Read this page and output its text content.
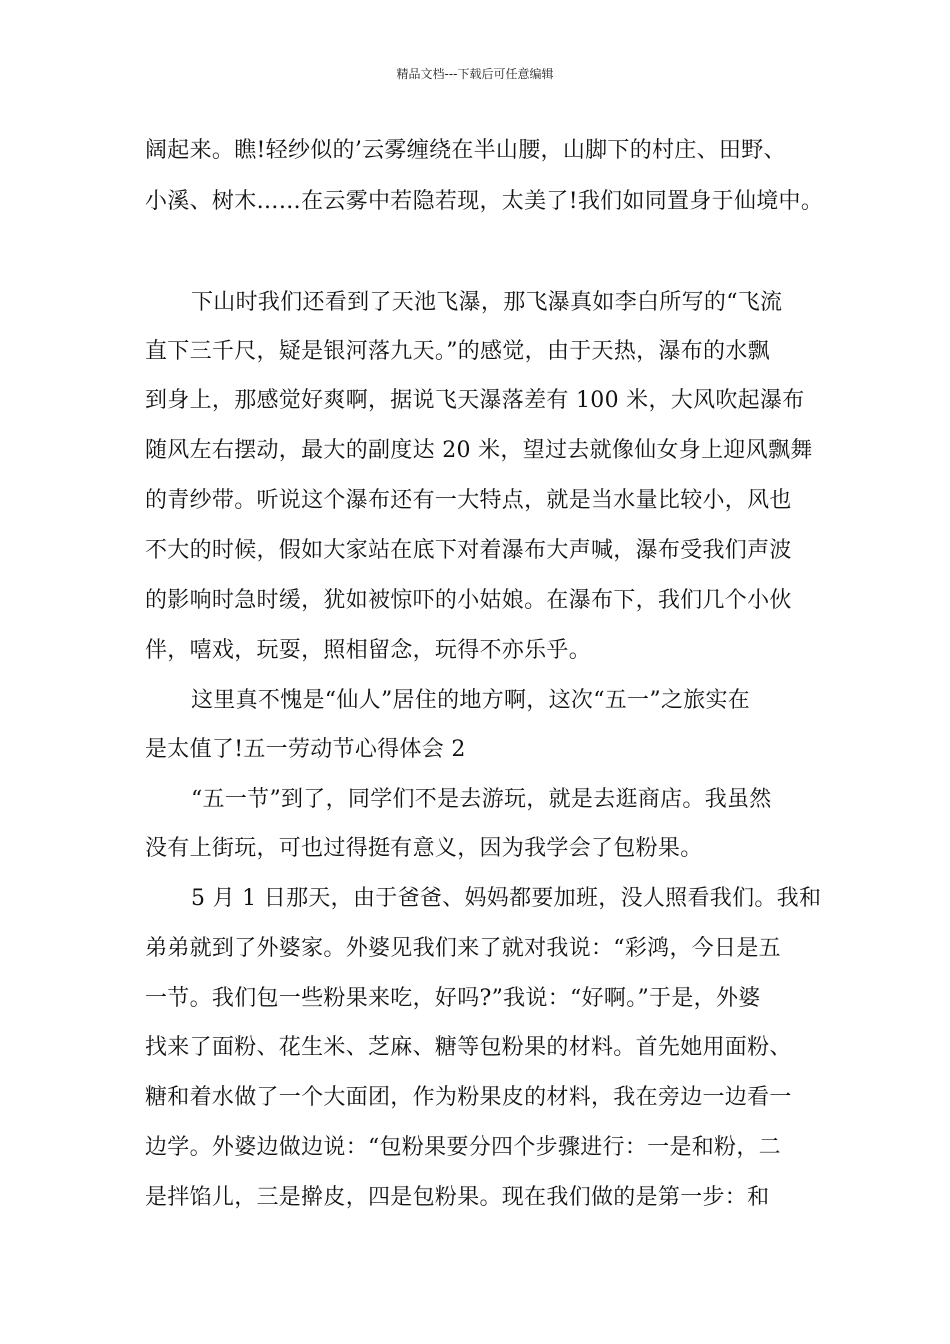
精品文档---下载后可任意编辑
阔起来。瞧!轻纱似的’云雾缠绕在半山腰，山脚下的村庄、田野、
小溪、树木……在云雾中若隐若现，太美了!我们如同置身于仙境中。
下山时我们还看到了天池飞瀑，那飞瀑真如李白所写的“飞流
直下三千尺，疑是银河落九天。”的感觉，由于天热，瀑布的水飘
到身上，那感觉好爽啊，据说飞天瀑落差有 100 米，大风吹起瀑布
随风左右摆动，最大的副度达 20 米，望过去就像仙女身上迎风飘舞
的青纱带。听说这个瀑布还有一大特点，就是当水量比较小，风也
不大的时候，假如大家站在底下对着瀑布大声喊，瀑布受我们声波
的影响时急时缓，犹如被惊吓的小姑娘。在瀑布下，我们几个小伙
伴，嘻戏，玩耍，照相留念，玩得不亦乐乎。
这里真不愧是“仙人”居住的地方啊，这次“五一”之旅实在
是太值了!五一劳动节心得体会 2
“五一节”到了，同学们不是去游玩，就是去逛商店。我虽然
没有上街玩，可也过得挺有意义，因为我学会了包粉果。
5 月 1 日那天，由于爸爸、妈妈都要加班，没人照看我们。我和
弟弟就到了外婆家。外婆见我们来了就对我说：“彩鸿，今日是五
一节。我们包一些粉果来吃，好吗?”我说：“好啊。”于是，外婆
找来了面粉、花生米、芝麻、糖等包粉果的材料。首先她用面粉、
糖和着水做了一个大面团，作为粉果皮的材料，我在旁边一边看一
边学。外婆边做边说：“包粉果要分四个步骤进行：一是和粉，二
是拌馅儿，三是擀皮，四是包粉果。现在我们做的是第一步：和
